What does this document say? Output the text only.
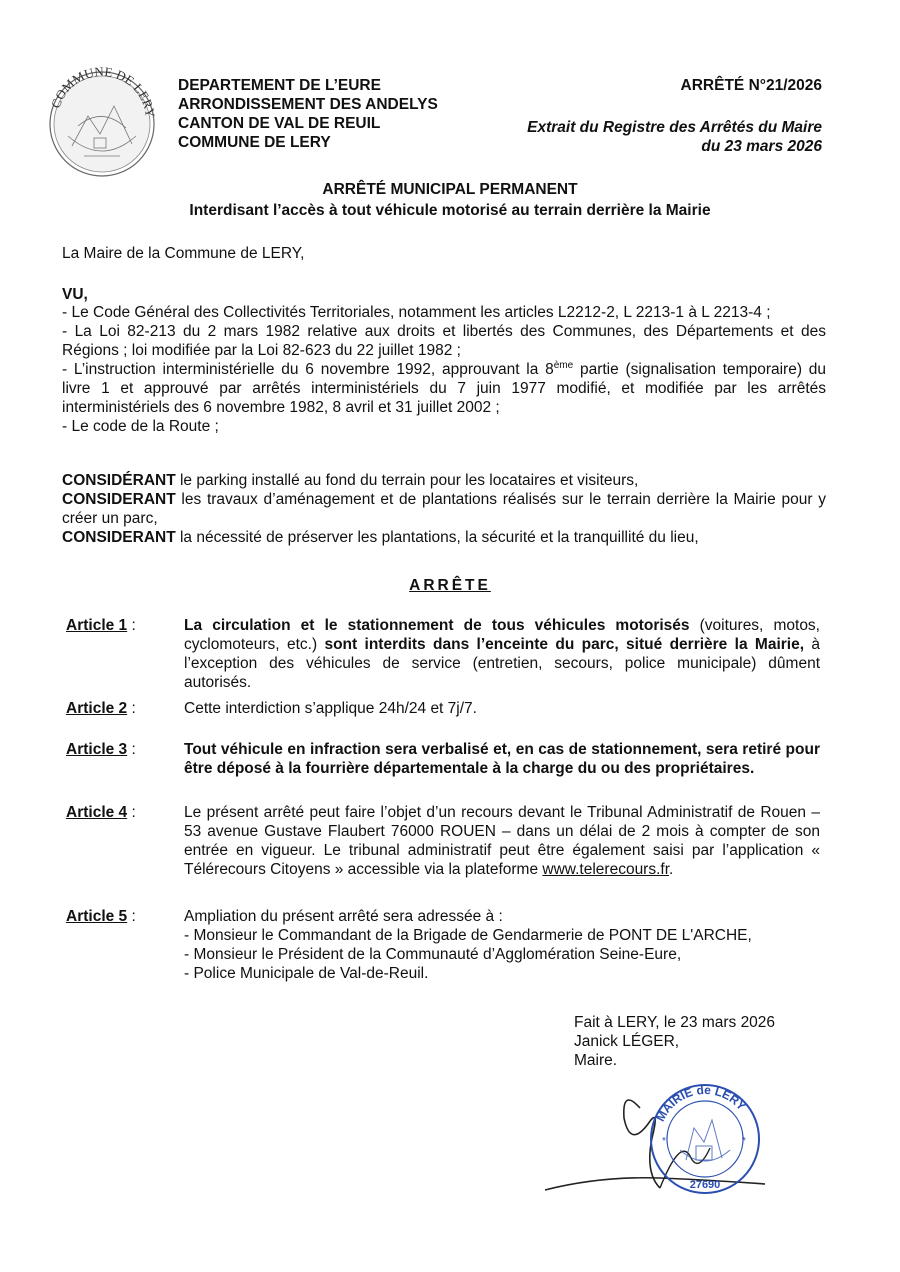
COMMUNE DE LERY
DEPARTEMENT DE L’EURE
ARRONDISSEMENT DES ANDELYS
CANTON DE VAL DE REUIL
COMMUNE DE LERY
ARRÊTÉ N°21/2026
Extrait du Registre des Arrêtés du Maire
du 23 mars 2026
ARRÊTÉ MUNICIPAL PERMANENT
Interdisant l’accès à tout véhicule motorisé au terrain derrière la Mairie
La Maire de la Commune de LERY,
VU,
- Le Code Général des Collectivités Territoriales, notamment les articles L2212-2, L 2213-1 à L 2213-4 ;
- La Loi 82-213 du 2 mars 1982 relative aux droits et libertés des Communes, des Départements et des Régions ; loi modifiée par la Loi 82-623 du 22 juillet 1982 ;
- L’instruction interministérielle du 6 novembre 1992, approuvant la 8ème partie (signalisation temporaire) du livre 1 et approuvé par arrêtés interministériels du 7 juin 1977 modifié, et modifiée par les arrêtés interministériels des 6 novembre 1982, 8 avril et 31 juillet 2002 ;
- Le code de la Route ;
CONSIDÉRANT le parking installé au fond du terrain pour les locataires et visiteurs,
CONSIDERANT les travaux d’aménagement et de plantations réalisés sur le terrain derrière la Mairie pour y créer un parc,
CONSIDERANT la nécessité de préserver les plantations, la sécurité et la tranquillité du lieu,
ARRÊTE
Article 1 :	La circulation et le stationnement de tous véhicules motorisés (voitures, motos, cyclomoteurs, etc.) sont interdits dans l’enceinte du parc, situé derrière la Mairie, à l’exception des véhicules de service (entretien, secours, police municipale) dûment autorisés.
Article 2 :	Cette interdiction s’applique 24h/24 et 7j/7.
Article 3 :	Tout véhicule en infraction sera verbalisé et, en cas de stationnement, sera retiré pour être déposé à la fourrière départementale à la charge du ou des propriétaires.
Article 4 :	Le présent arrêté peut faire l’objet d’un recours devant le Tribunal Administratif de Rouen – 53 avenue Gustave Flaubert 76000 ROUEN – dans un délai de 2 mois à compter de son entrée en vigueur. Le tribunal administratif peut être également saisi par l’application « Télérecours Citoyens » accessible via la plateforme www.telerecours.fr.
Article 5 :	Ampliation du présent arrêté sera adressée à :
- Monsieur le Commandant de la Brigade de Gendarmerie de PONT DE L'ARCHE,
- Monsieur le Président de la Communauté d’Agglomération Seine-Eure,
- Police Municipale de Val-de-Reuil.
Fait à LERY, le 23 mars 2026
Janick LÉGER,
Maire.
MAIRIE de LERY
*	*
27690
